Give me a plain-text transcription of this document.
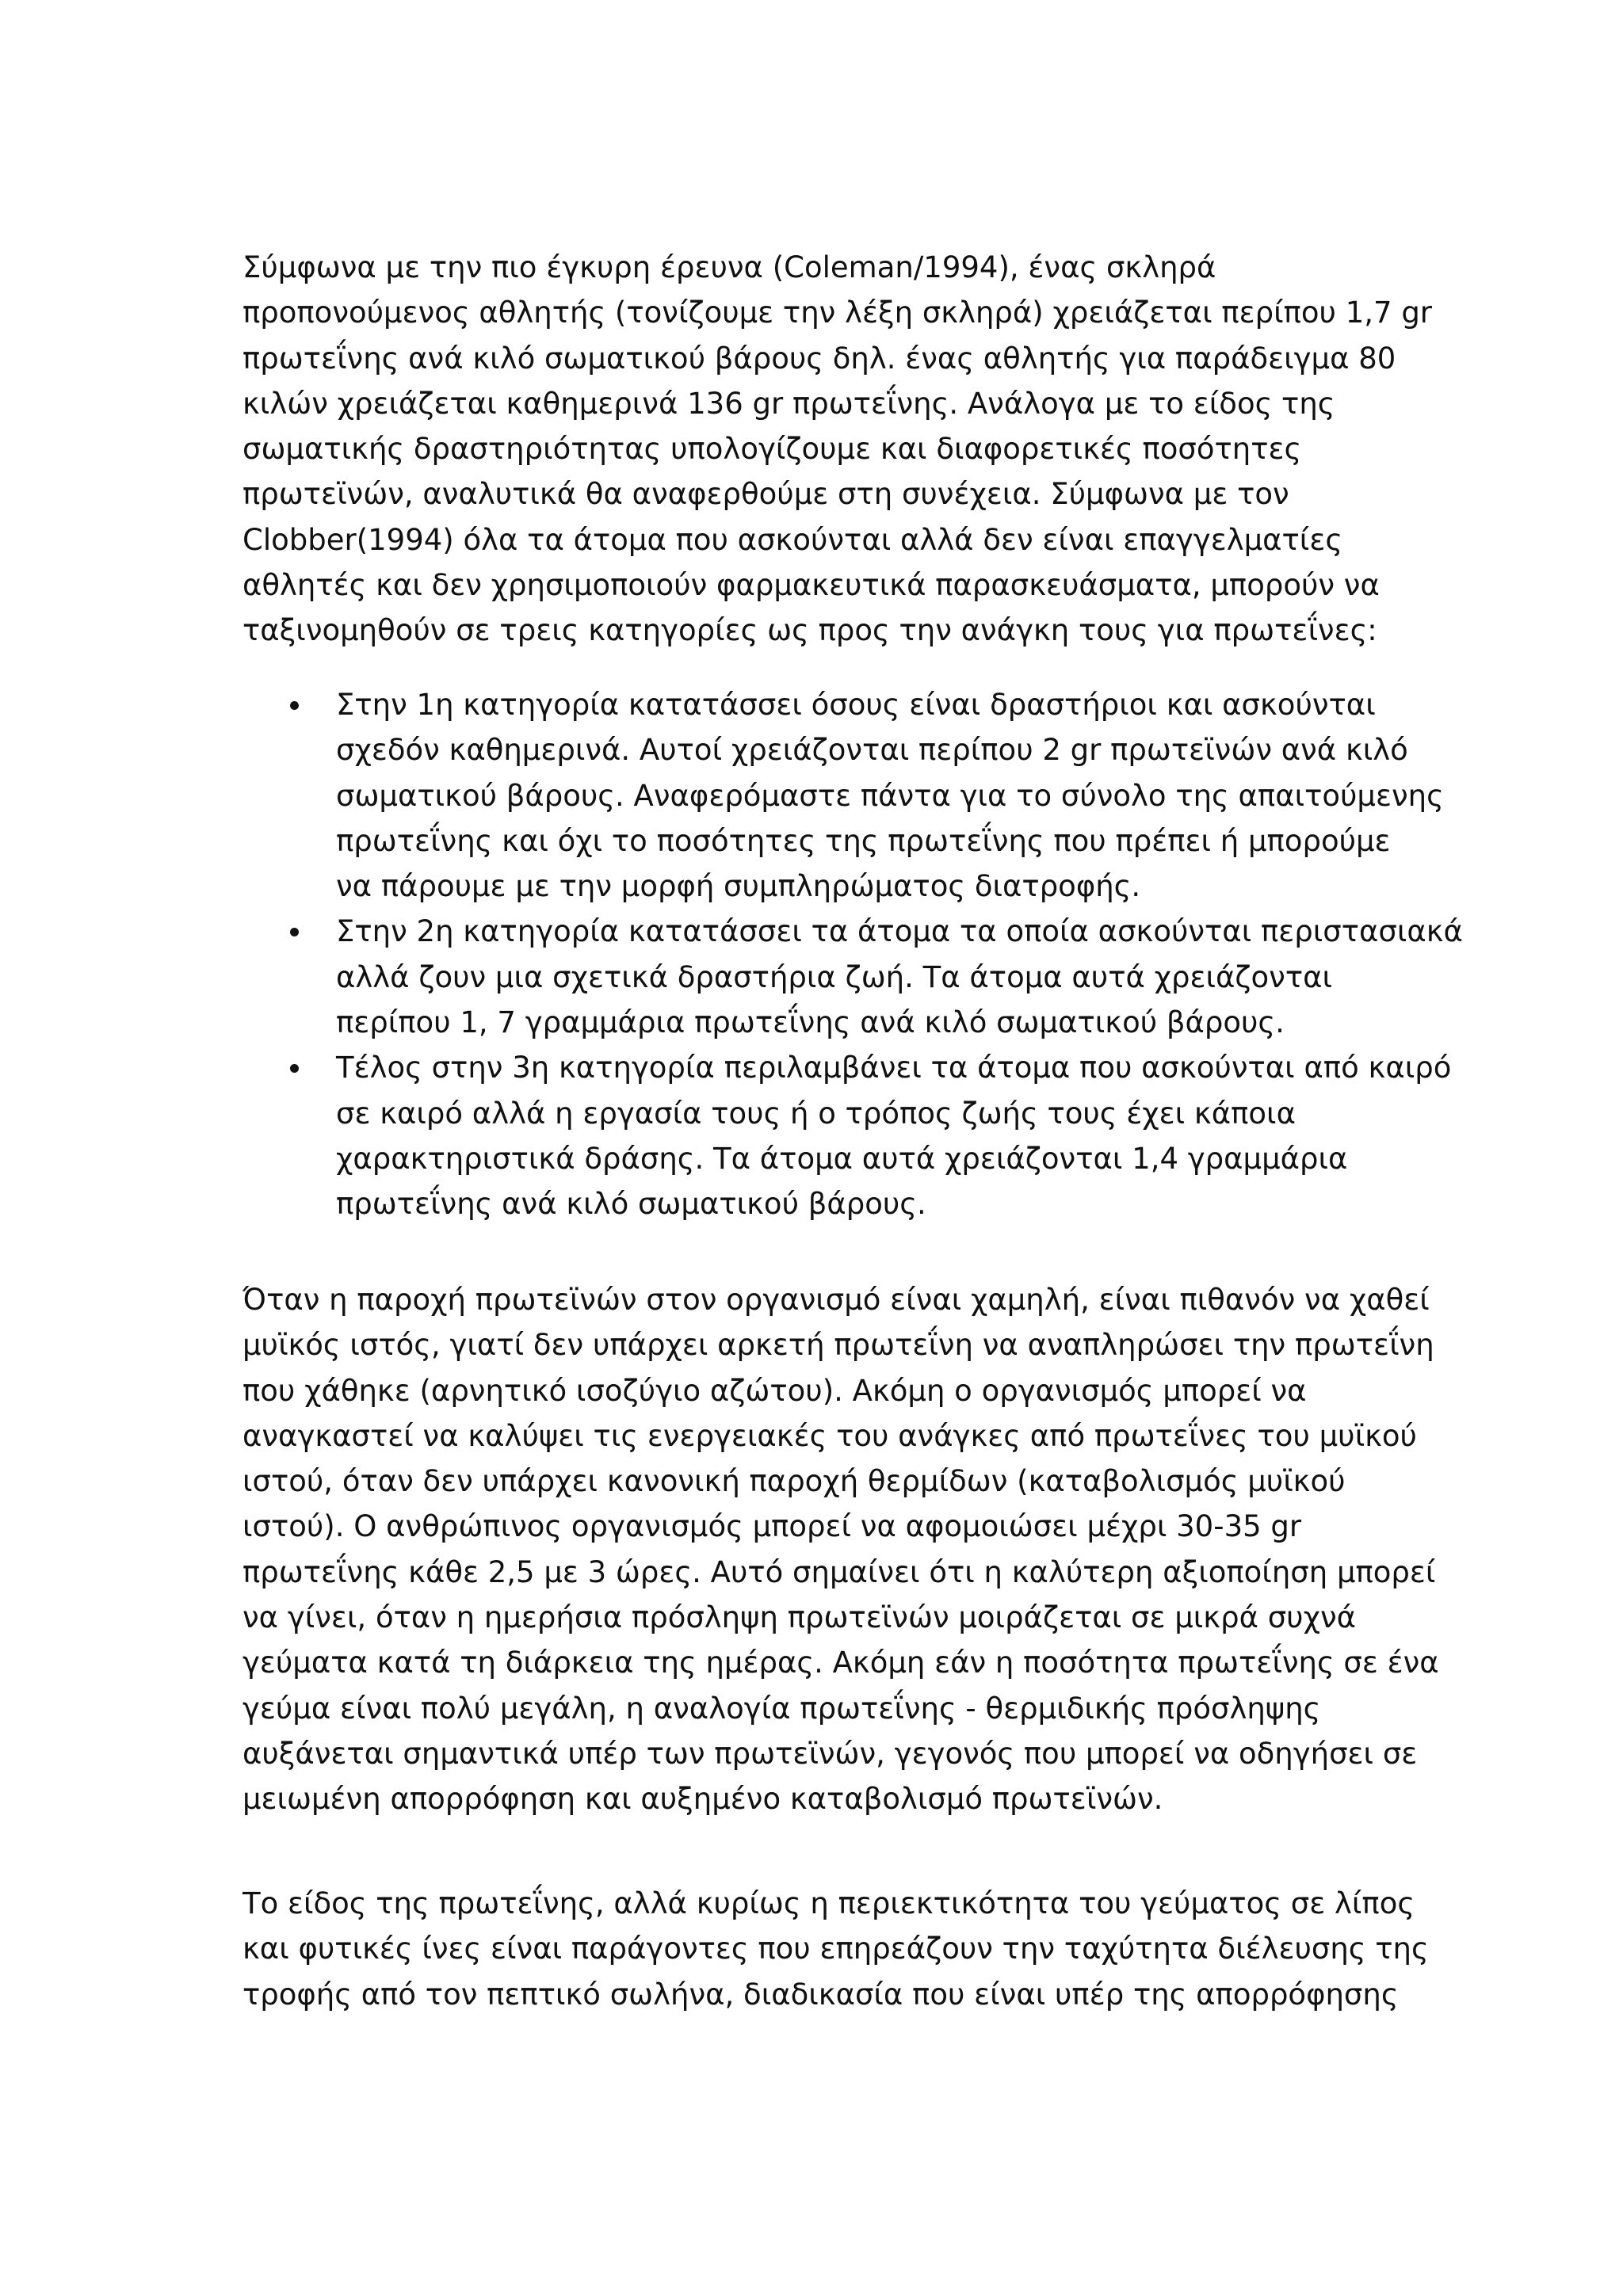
Σύμφωνα με την πιο έγκυρη έρευνα (Coleman/1994), ένας σκληρά
προπονούμενος αθλητής (τονίζουμε την λέξη σκληρά) χρειάζεται περίπου 1,7 gr
πρωτεΐνης ανά κιλό σωματικού βάρους δηλ. ένας αθλητής για παράδειγμα 80
κιλών χρειάζεται καθημερινά 136 gr πρωτεΐνης. Ανάλογα με το είδος της
σωματικής δραστηριότητας υπολογίζουμε και διαφορετικές ποσότητες
πρωτεϊνών, αναλυτικά θα αναφερθούμε στη συνέχεια. Σύμφωνα με τον
Clobber(1994) όλα τα άτομα που ασκούνται αλλά δεν είναι επαγγελματίες
αθλητές και δεν χρησιμοποιούν φαρμακευτικά παρασκευάσματα, μπορούν να
ταξινομηθούν σε τρεις κατηγορίες ως προς την ανάγκη τους για πρωτεΐνες:

Στην 1η κατηγορία κατατάσσει όσους είναι δραστήριοι και ασκούνται
σχεδόν καθημερινά. Αυτοί χρειάζονται περίπου 2 gr πρωτεϊνών ανά κιλό
σωματικού βάρους. Αναφερόμαστε πάντα για το σύνολο της απαιτούμενης
πρωτεΐνης και όχι το ποσότητες της πρωτεΐνης που πρέπει ή μπορούμε
να πάρουμε με την μορφή συμπληρώματος διατροφής.
Στην 2η κατηγορία κατατάσσει τα άτομα τα οποία ασκούνται περιστασιακά
αλλά ζουν μια σχετικά δραστήρια ζωή. Τα άτομα αυτά χρειάζονται
περίπου 1, 7 γραμμάρια πρωτεΐνης ανά κιλό σωματικού βάρους.
Τέλος στην 3η κατηγορία περιλαμβάνει τα άτομα που ασκούνται από καιρό
σε καιρό αλλά η εργασία τους ή ο τρόπος ζωής τους έχει κάποια
χαρακτηριστικά δράσης. Τα άτομα αυτά χρειάζονται 1,4 γραμμάρια
πρωτεΐνης ανά κιλό σωματικού βάρους.

Όταν η παροχή πρωτεϊνών στον οργανισμό είναι χαμηλή, είναι πιθανόν να χαθεί
μυϊκός ιστός, γιατί δεν υπάρχει αρκετή πρωτεΐνη να αναπληρώσει την πρωτεΐνη
που χάθηκε (αρνητικό ισοζύγιο αζώτου). Ακόμη ο οργανισμός μπορεί να
αναγκαστεί να καλύψει τις ενεργειακές του ανάγκες από πρωτεΐνες του μυϊκού
ιστού, όταν δεν υπάρχει κανονική παροχή θερμίδων (καταβολισμός μυϊκού
ιστού). Ο ανθρώπινος οργανισμός μπορεί να αφομοιώσει μέχρι 30-35 gr
πρωτεΐνης κάθε 2,5 με 3 ώρες. Αυτό σημαίνει ότι η καλύτερη αξιοποίηση μπορεί
να γίνει, όταν η ημερήσια πρόσληψη πρωτεϊνών μοιράζεται σε μικρά συχνά
γεύματα κατά τη διάρκεια της ημέρας. Ακόμη εάν η ποσότητα πρωτεΐνης σε ένα
γεύμα είναι πολύ μεγάλη, η αναλογία πρωτεΐνης - θερμιδικής πρόσληψης
αυξάνεται σημαντικά υπέρ των πρωτεϊνών, γεγονός που μπορεί να οδηγήσει σε
μειωμένη απορρόφηση και αυξημένο καταβολισμό πρωτεϊνών.

Το είδος της πρωτεΐνης, αλλά κυρίως η περιεκτικότητα του γεύματος σε λίπος
και φυτικές ίνες είναι παράγοντες που επηρεάζουν την ταχύτητα διέλευσης της
τροφής από τον πεπτικό σωλήνα, διαδικασία που είναι υπέρ της απορρόφησης
